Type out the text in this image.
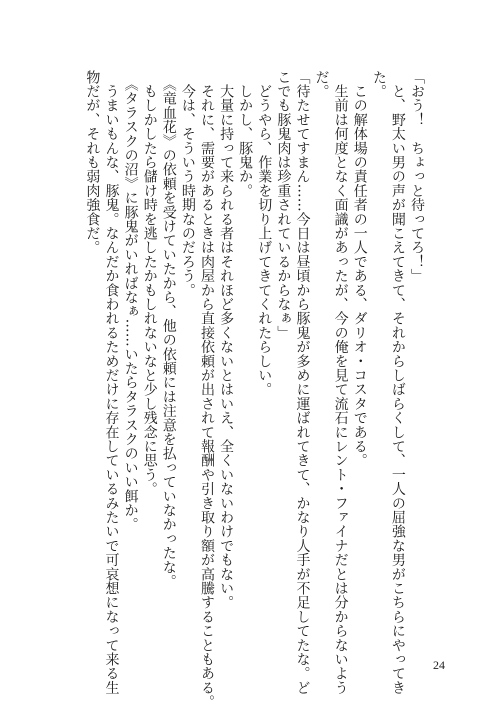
「おう！　ちょっと待ってろ！」
　と、野太い男の声が聞こえてきて、それからしばらくして、一人の屈強な男がこちらにやってき
た。
　この解体場の責任者の一人である、ダリオ・コスタである。
　生前は何度となく面識があったが、今の俺を見て流石にレント・ファイナだとは分からないよう
だ。
「待たせてすまん……今日は昼頃から豚鬼が多めに運ばれてきて、かなり人手が不足してたな。ど
こでも豚鬼肉は珍重されているからなぁ」
　どうやら、作業を切り上げてきてくれたらしい。
　しかし、豚鬼か。
　大量に持って来られる者はそれほど多くないとはいえ、全くいないわけでもない。
　それに、需要があるときは肉屋から直接依頼が出されて報酬や引き取り額が高騰することもある。
　今は、そういう時期なのだろう。
　《竜血花》の依頼を受けていたから、他の依頼には注意を払っていなかったな。
　もしかしたら儲け時を逃したかもしれないなと少し残念に思う。
　《タラスクの沼》に豚鬼がいればなぁ……いたらタラスクのいい餌か。
　うまいもんな、豚鬼。なんだか食われるためだけに存在しているみたいで可哀想になって来る生
物だが、それも弱肉強食だ。
24
